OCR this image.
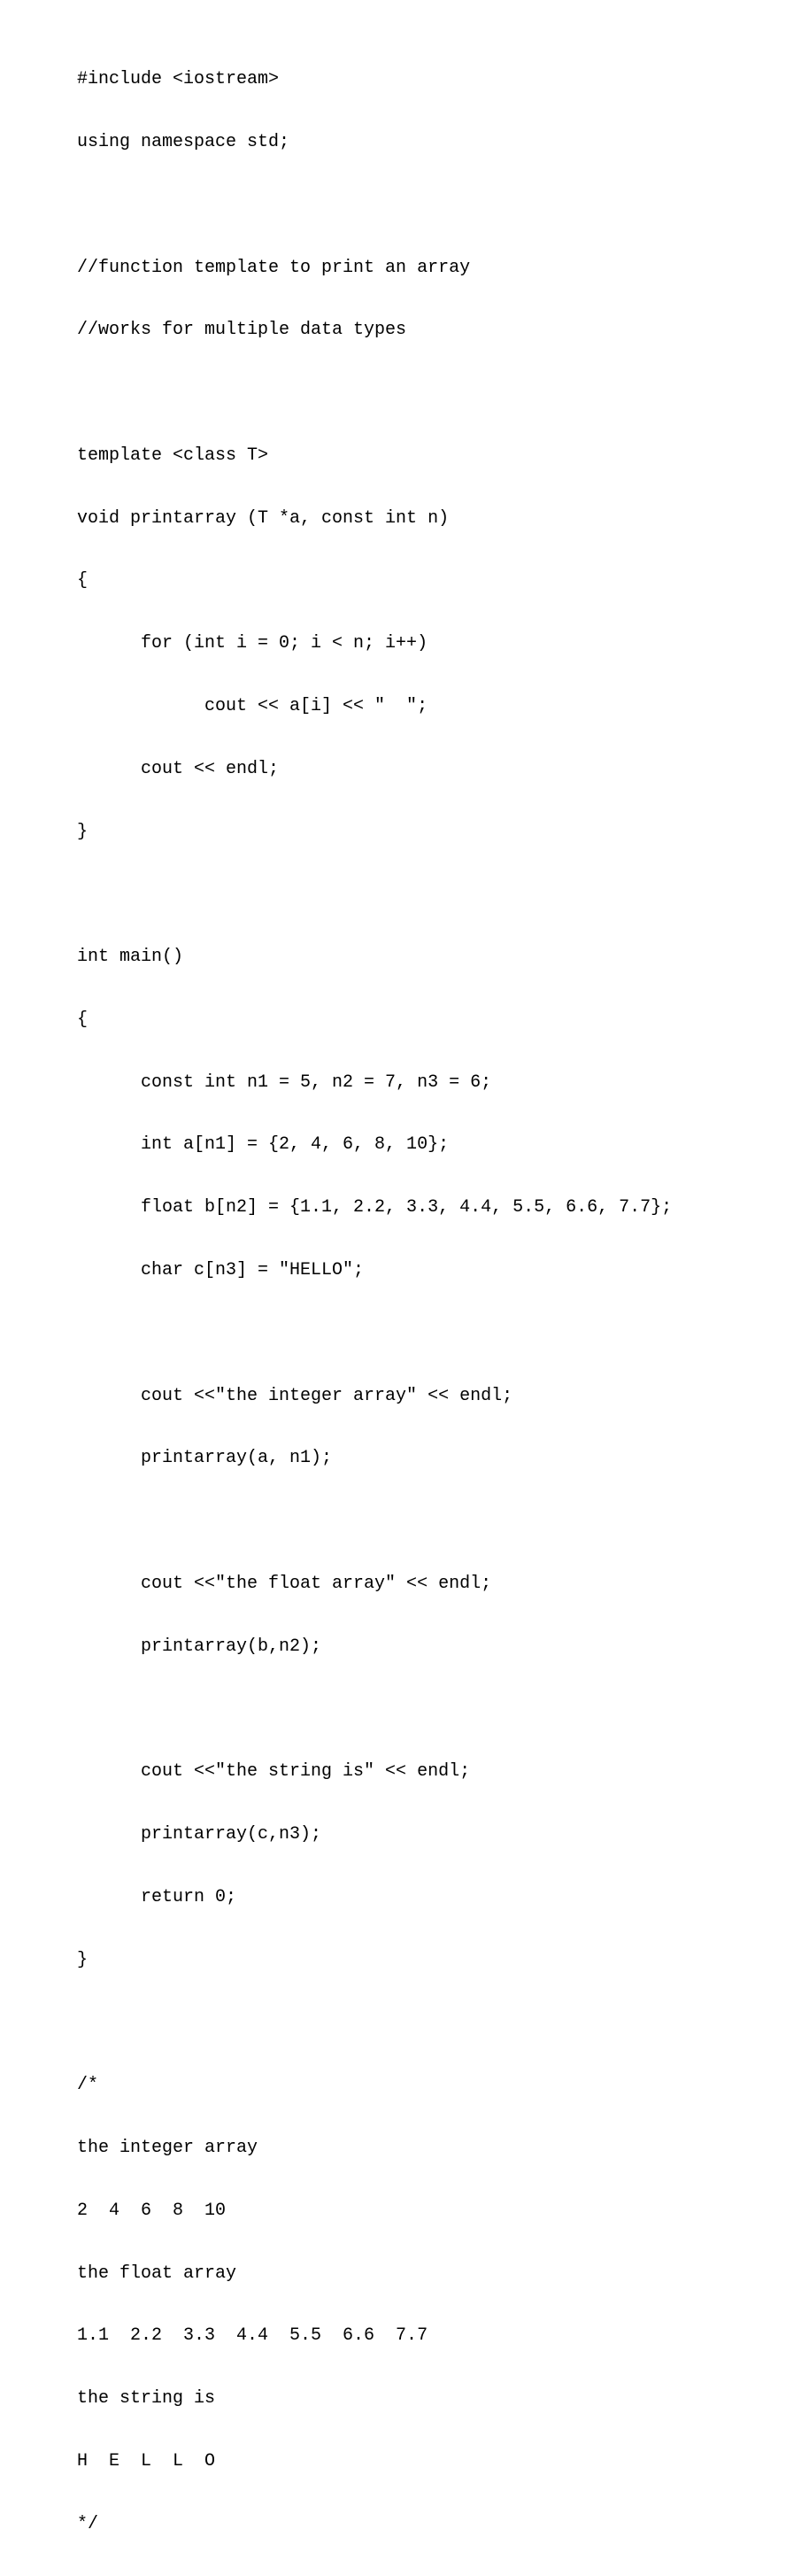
#include <iostream>

using namespace std;

//function template to print an array

//works for multiple data types

template <class T>

void printarray (T *a, const int n)

{

for (int i = 0; i < n; i++)

cout << a[i] << "  ";

cout << endl;

}

int main()

{

const int n1 = 5, n2 = 7, n3 = 6;

int a[n1] = {2, 4, 6, 8, 10};

float b[n2] = {1.1, 2.2, 3.3, 4.4, 5.5, 6.6, 7.7};

char c[n3] = "HELLO";

cout <<"the integer array" << endl;

printarray(a, n1);

cout <<"the float array" << endl;

printarray(b,n2);

cout <<"the string is" << endl;

printarray(c,n3);

return 0;

}

/*

the integer array

2  4  6  8  10

the float array

1.1  2.2  3.3  4.4  5.5  6.6  7.7

the string is

H  E  L  L  O

*/
